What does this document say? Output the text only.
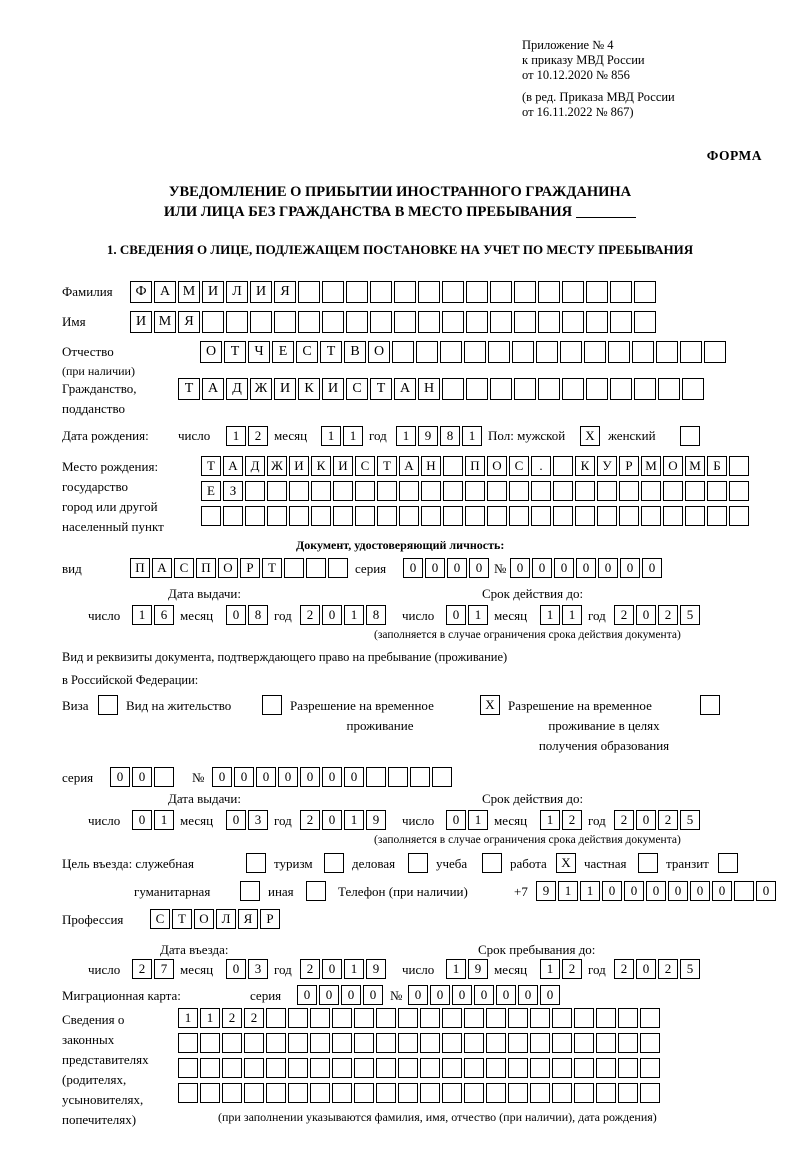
Приложение № 4
к приказу МВД России
от 10.12.2020 № 856
(в ред. Приказа МВД России
от 16.11.2022 № 867)
ФОРМА
УВЕДОМЛЕНИЕ О ПРИБЫТИИ ИНОСТРАННОГО ГРАЖДАНИНА
ИЛИ ЛИЦА БЕЗ ГРАЖДАНСТВА В МЕСТО ПРЕБЫВАНИЯ
1. СВЕДЕНИЯ О ЛИЦЕ, ПОДЛЕЖАЩЕМ ПОСТАНОВКЕ НА УЧЕТ ПО МЕСТУ ПРЕБЫВАНИЯ
Фамилия	Ф А М И	Л	И	Я
Имя	И М Я
Отчество
(при наличии)
О	Т	Ч	Е	С	Т	В	О
Гражданство,
подданство
Т	А	Д Ж И	К	И	С	Т	А Н
Дата рождения: число	1	2 месяц	1	1 год	1	9	8	1 Пол: мужской	X	женский
Место рождения:
государство
город или другой
населенный пункт
Т	А Д Ж И К И С	Т	А Н	П О С	.	К	У	Р М О М Б
Е	З
Документ, удостоверяющий личность:
вид	П А С П О	Р	Т	серия	0	0	0	0 № 0	0	0	0	0	0	0
Дата выдачи:	Срок действия до:
число	1	6 месяц	0	8 год	2	0	1	8	число	0	1 месяц	1	1 год	2	0	2	5
(заполняется в случае ограничения срока действия документа)
Вид и реквизиты документа, подтверждающего право на пребывание (проживание)
в Российской Федерации:
Виза	Вид на жительство	Разрешение на временное
проживание
X	Разрешение на временное
проживание в целях
получения образования
серия	0	0	№	0	0	0	0	0	0	0
Дата выдачи:	Срок действия до:
число	0	1 месяц	0	3 год	2	0	1	9	число	0	1 месяц	1	2 год	2	0	2	5
(заполняется в случае ограничения срока действия документа)
Цель въезда: служебная	туризм	деловая	учеба	работа	X	частная	транзит
гуманитарная	иная	Телефон (при наличии)	+7	9	1	1	0	0	0	0	0	0	0
Профессия	С	Т	О Л	Я	Р
Дата въезда:	Срок пребывания до:
число	2	7 месяц	0	3 год	2	0	1	9	число	1	9 месяц	1	2 год	2	0	2	5
Миграционная карта:	серия	0	0	0	0	№ 0	0	0	0	0	0	0
Сведения о
законных
представителях
(родителях,
усыновителях,
попечителях)
1	1	2	2
(при заполнении указываются фамилия, имя, отчество (при наличии), дата рождения)
